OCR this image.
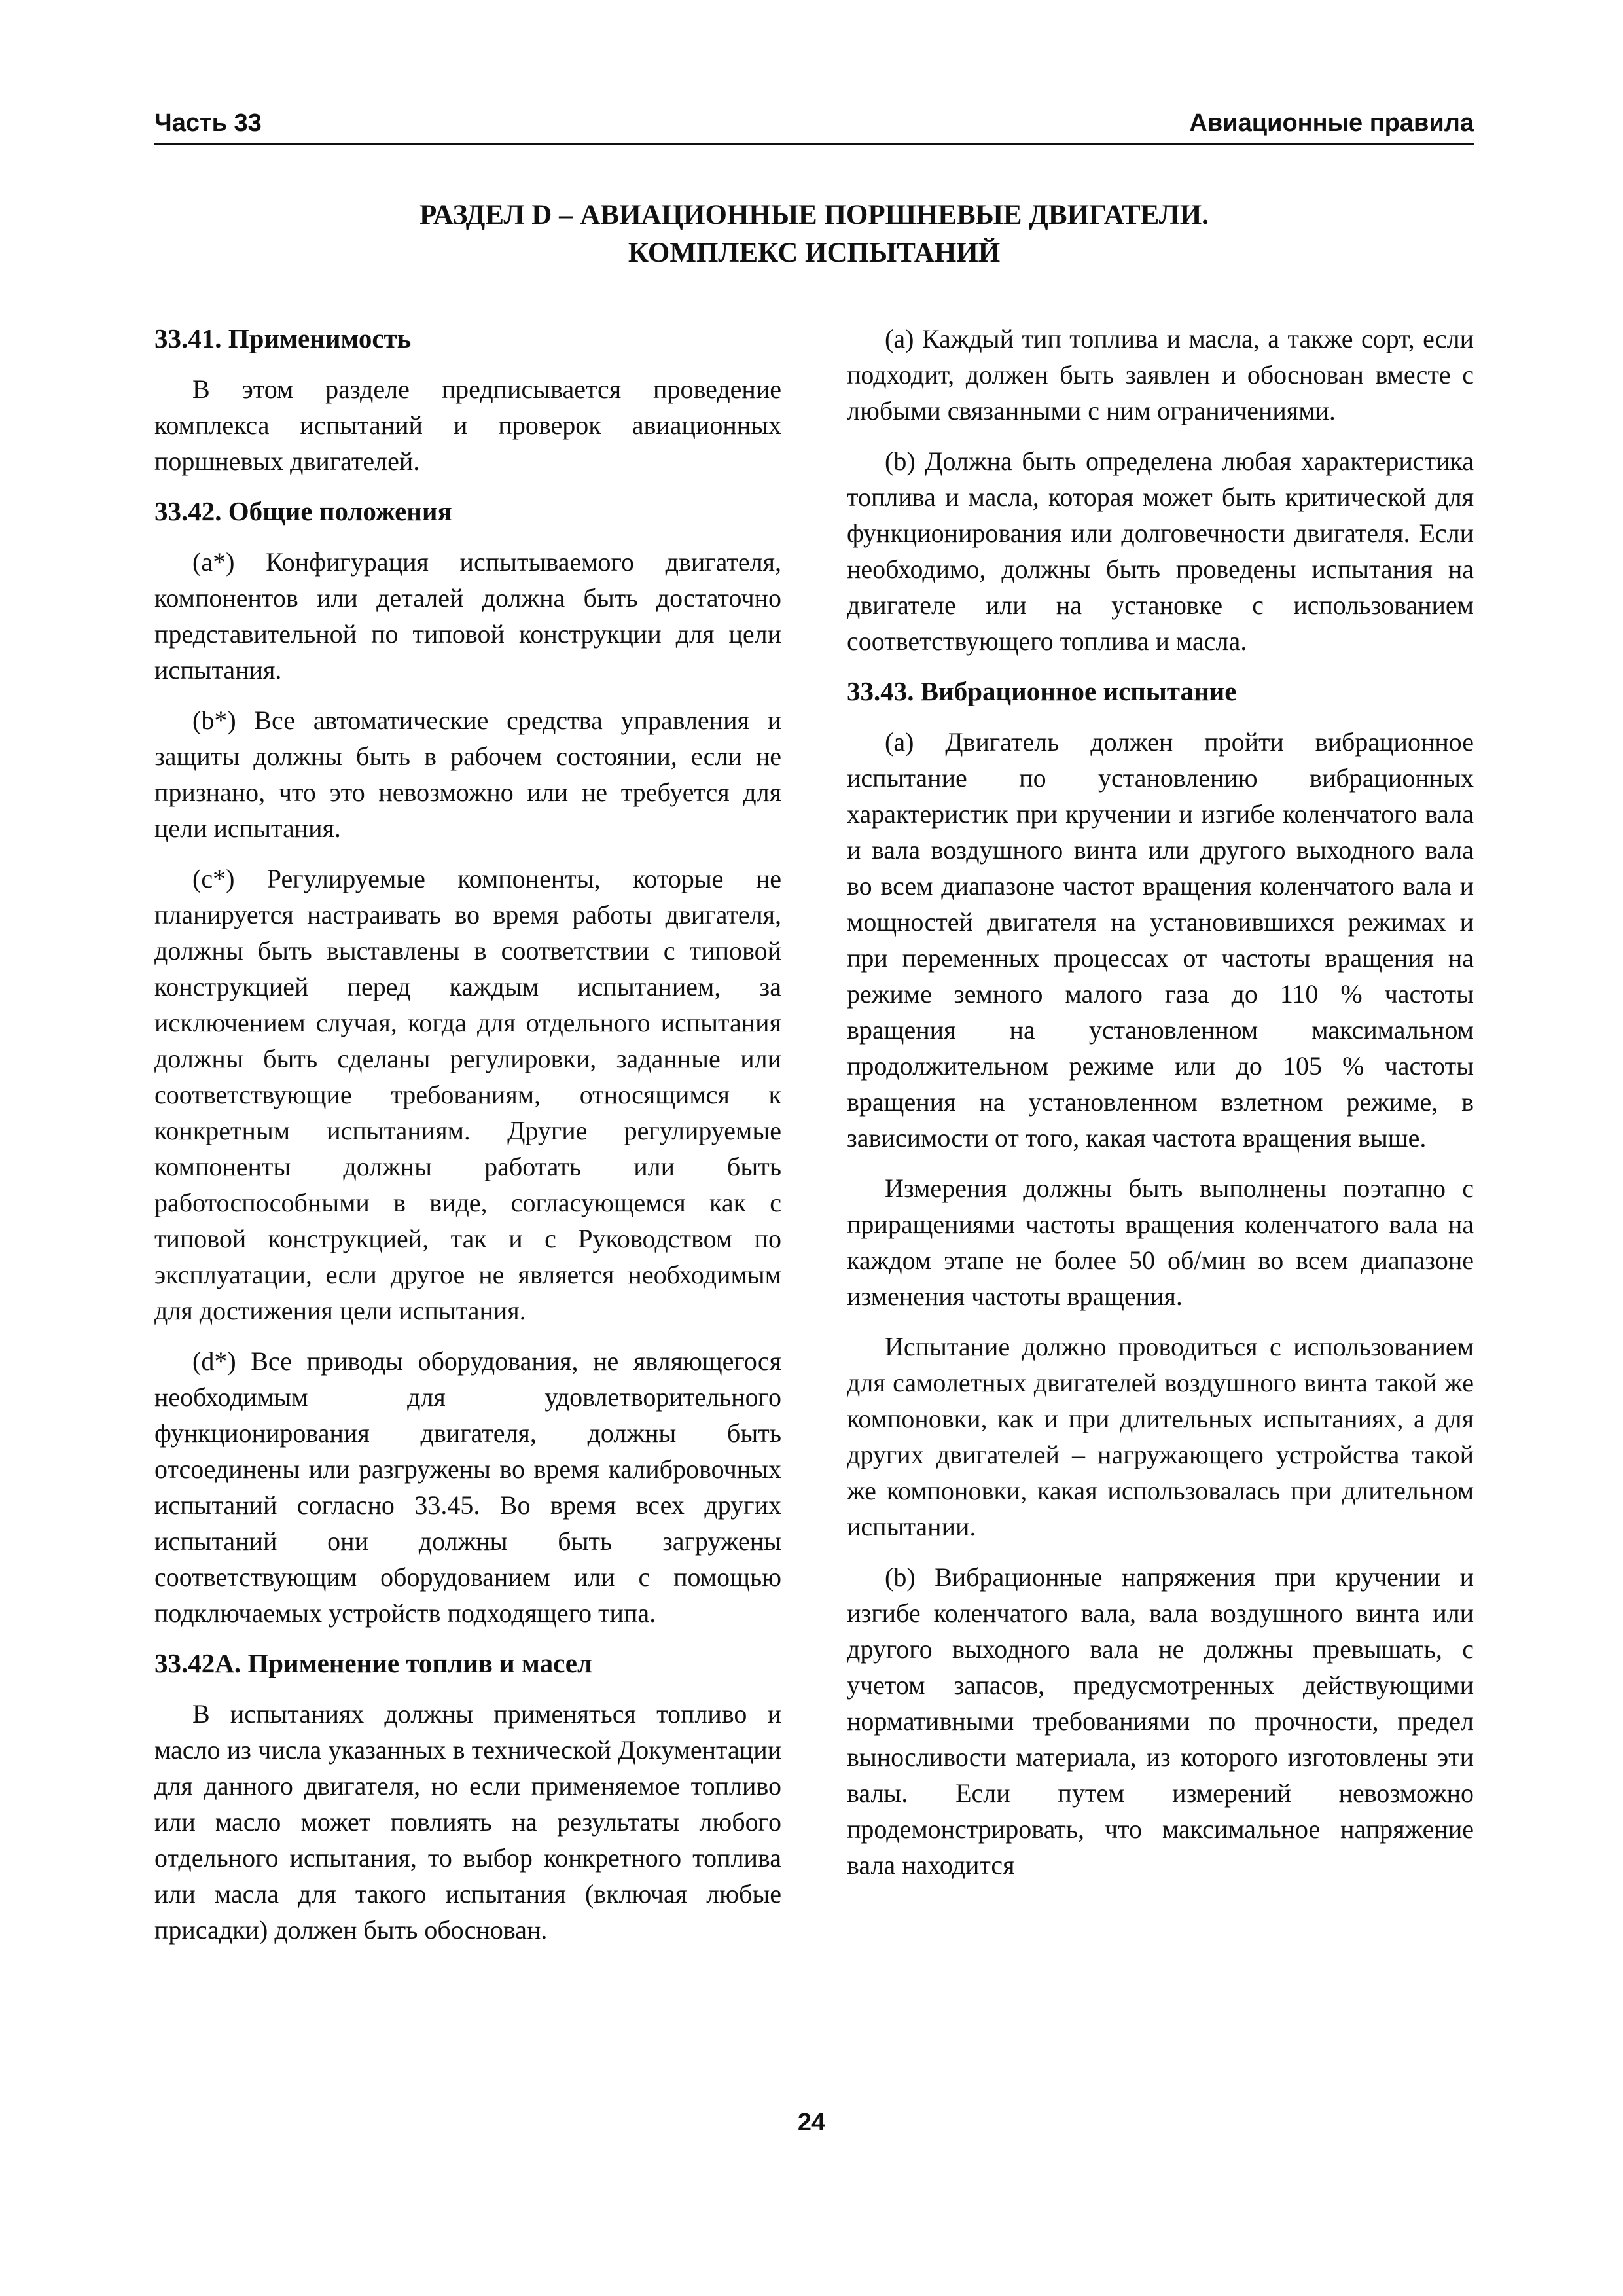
Часть 33	Авиационные правила
РАЗДЕЛ D – АВИАЦИОННЫЕ ПОРШНЕВЫЕ ДВИГАТЕЛИ.
КОМПЛЕКС ИСПЫТАНИЙ
33.41. Применимость

В этом разделе предписывается проведение комплекса испытаний и проверок авиационных поршневых двигателей.

33.42. Общие положения

(а*) Конфигурация испытываемого двигателя, компонентов или деталей должна быть достаточно представительной по типовой конструкции для цели испытания.

(b*) Все автоматические средства управления и защиты должны быть в рабочем состоянии, если не признано, что это невозможно или не требуется для цели испытания.

(c*) Регулируемые компоненты, которые не планируется настраивать во время работы двигателя, должны быть выставлены в соответствии с типовой конструкцией перед каждым испытанием, за исключением случая, когда для отдельного испытания должны быть сделаны регулировки, заданные или соответствующие требованиям, относящимся к конкретным испытаниям. Другие регулируемые компоненты должны работать или быть работоспособными в виде, согласующемся как с типовой конструкцией, так и с Руководством по эксплуатации, если другое не является необходимым для достижения цели испытания.

(d*) Все приводы оборудования, не являющегося необходимым для удовлетворительного функционирования двигателя, должны быть отсоединены или разгружены во время калибровочных испытаний согласно 33.45. Во время всех других испытаний они должны быть загружены соответствующим оборудованием или с помощью подключаемых устройств подходящего типа.

33.42А. Применение топлив и масел

В испытаниях должны применяться топливо и масло из числа указанных в технической Документации для данного двигателя, но если применяемое топливо или масло может повлиять на результаты любого отдельного испытания, то выбор конкретного топлива или масла для такого испытания (включая любые присадки) должен быть обоснован.

(a) Каждый тип топлива и масла, а также сорт, если подходит, должен быть заявлен и обоснован вместе с любыми связанными с ним ограничениями.

(b) Должна быть определена любая характеристика топлива и масла, которая может быть критической для функционирования или долговечности двигателя. Если необходимо, должны быть проведены испытания на двигателе или на установке с использованием соответствующего топлива и масла.

33.43. Вибрационное испытание

(a) Двигатель должен пройти вибрационное испытание по установлению вибрационных характеристик при кручении и изгибе коленчатого вала и вала воздушного винта или другого выходного вала во всем диапазоне частот вращения коленчатого вала и мощностей двигателя на установившихся режимах и при переменных процессах от частоты вращения на режиме земного малого газа до 110 % частоты вращения на установленном максимальном продолжительном режиме или до 105 % частоты вращения на установленном взлетном режиме, в зависимости от того, какая частота вращения выше.

Измерения должны быть выполнены поэтапно с приращениями частоты вращения коленчатого вала на каждом этапе не более 50 об/мин во всем диапазоне изменения частоты вращения.

Испытание должно проводиться с использованием для самолетных двигателей воздушного винта такой же компоновки, как и при длительных испытаниях, а для других двигателей – нагружающего устройства такой же компоновки, какая использовалась при длительном испытании.

(b) Вибрационные напряжения при кручении и изгибе коленчатого вала, вала воздушного винта или другого выходного вала не должны превышать, с учетом запасов, предусмотренных действующими нормативными требованиями по прочности, предел выносливости материала, из которого изготовлены эти валы. Если путем измерений невозможно продемонстрировать, что максимальное напряжение вала находится

24
